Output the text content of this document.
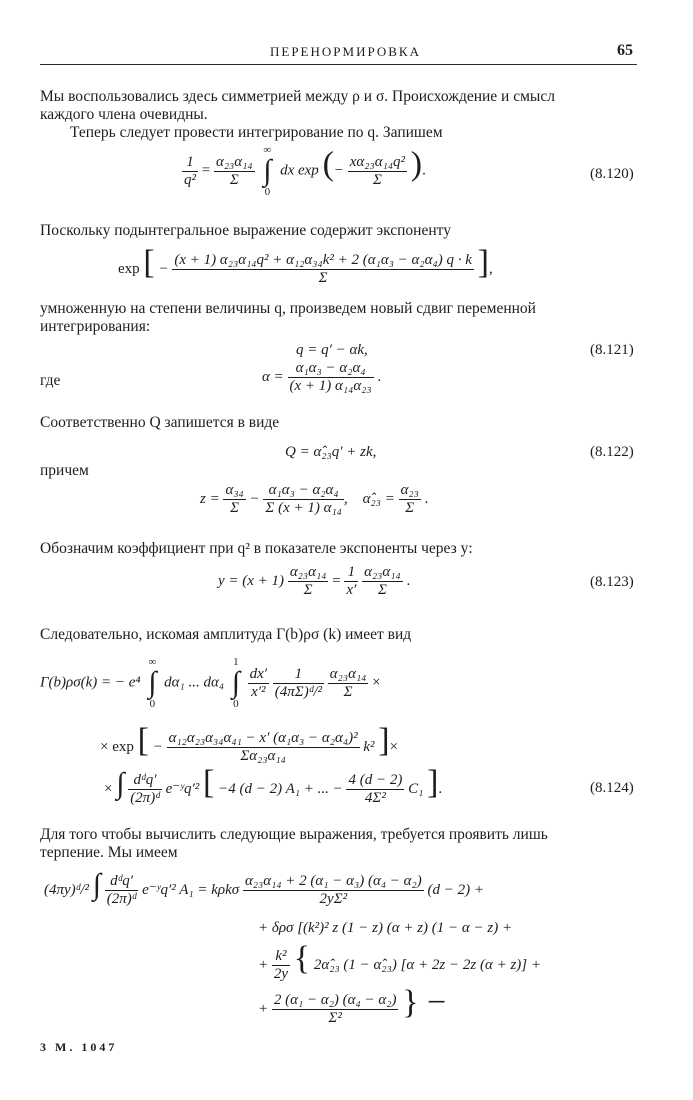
ПЕРЕНОРМИРОВКА	65
Мы воспользовались здесь симметрией между ρ и σ. Происхождение и смысл
каждого члена очевидны.
Теперь следует провести интегрирование по q. Запишем
$\frac{1}{\text{q²}} = \frac{\text{α₂₃α₁₄}}{\Sigma}$

∞
∫
0
dx exp (− $\frac{\text{xα₂₃α₁₄q²}}{\Sigma}$ ).	(8.120)
Поскольку подынтегральное выражение содержит экспоненту
exp [ − $\frac{\text{(x + 1) α₂₃α₁₄q² + α₁₂α₃₄k² + 2 (α₁α₃ − α₂α₄) q · k}}{\Sigma}$ ],
умноженную на степени величины q, произведем новый сдвиг переменной
интегрирования:
q = q′ − αk,	(8.121)
где	$\alpha = \frac{\text{α₁α₃ − α₂α₄}}{\text{(x + 1) α₁₄α₂₃}}$ .
Соответственно Q запишется в виде
Q = α̂₂₃q′ + zk,	(8.122)
причем
$z = \frac{\text{α₃₄}}{\Sigma} - \frac{\text{α₁α₃ − α₂α₄}}{\text{Σ (x + 1) α₁₄}}$ ,    α̂₂₃ = $\frac{\text{α₂₃}}{\Sigma}$ .
Обозначим коэффициент при q² в показателе экспоненты через y:
$y = (x + 1) \frac{\text{α₂₃α₁₄}}{\Sigma} = \frac{1}{x'}$
$\frac{\text{α₂₃α₁₄}}{\Sigma}$ .	(8.123)
Следовательно, искомая амплитуда Γ(b)ρσ (k) имеет вид
Γ(b)ρσ(k) = − e⁴
∞
∫
0
dα₁ ... dα₄
1
∫
0

$\frac{dx'}{\text{x′²}}$
$\frac{1}{\text{(4πΣ)ᵈ/²}}$
$\frac{\text{α₂₃α₁₄}}{\Sigma}$ ×
× exp [ − $\frac{\text{α₁₂α₂₃α₃₄α₄₁ − x′ (α₁α₃ − α₂α₄)²}}{\text{Σα₂₃α₁₄}} k^2$ ]×
× ∫ $\frac{\text{dᵈq′}}{\text{(2π)ᵈ}}$ e⁻ʸq′² [ −4 (d − 2) A₁ + ... − $\frac{4 (d - 2)}{\text{4Σ²}} C_1$ ].	(8.124)
Для того чтобы вычислить следующие выражения, требуется проявить лишь
терпение. Мы имеем
(4πy)ᵈ/² ∫ $\frac{\text{dᵈq′}}{\text{(2π)ᵈ}}$ e⁻ʸq′² A₁ = kρkσ $\frac{\text{α₂₃α₁₄ + 2 (α₁ − α₃) (α₄ − α₂)}}{\text{2yΣ²}} (d - 2)$ +
+ δρσ [(k²)² z (1 − z) (α + z) (1 − α − z) +
+ $\frac{\text{k²}}{2y}$ { 2α̂₂₃ (1 − α̂₂₃) [α + 2z − 2z (α + z)] +
+ $\frac{\text{2 (α₁ − α₂) (α₄ − α₂)}}{\text{Σ²}}$ } −
3 М. 1047
